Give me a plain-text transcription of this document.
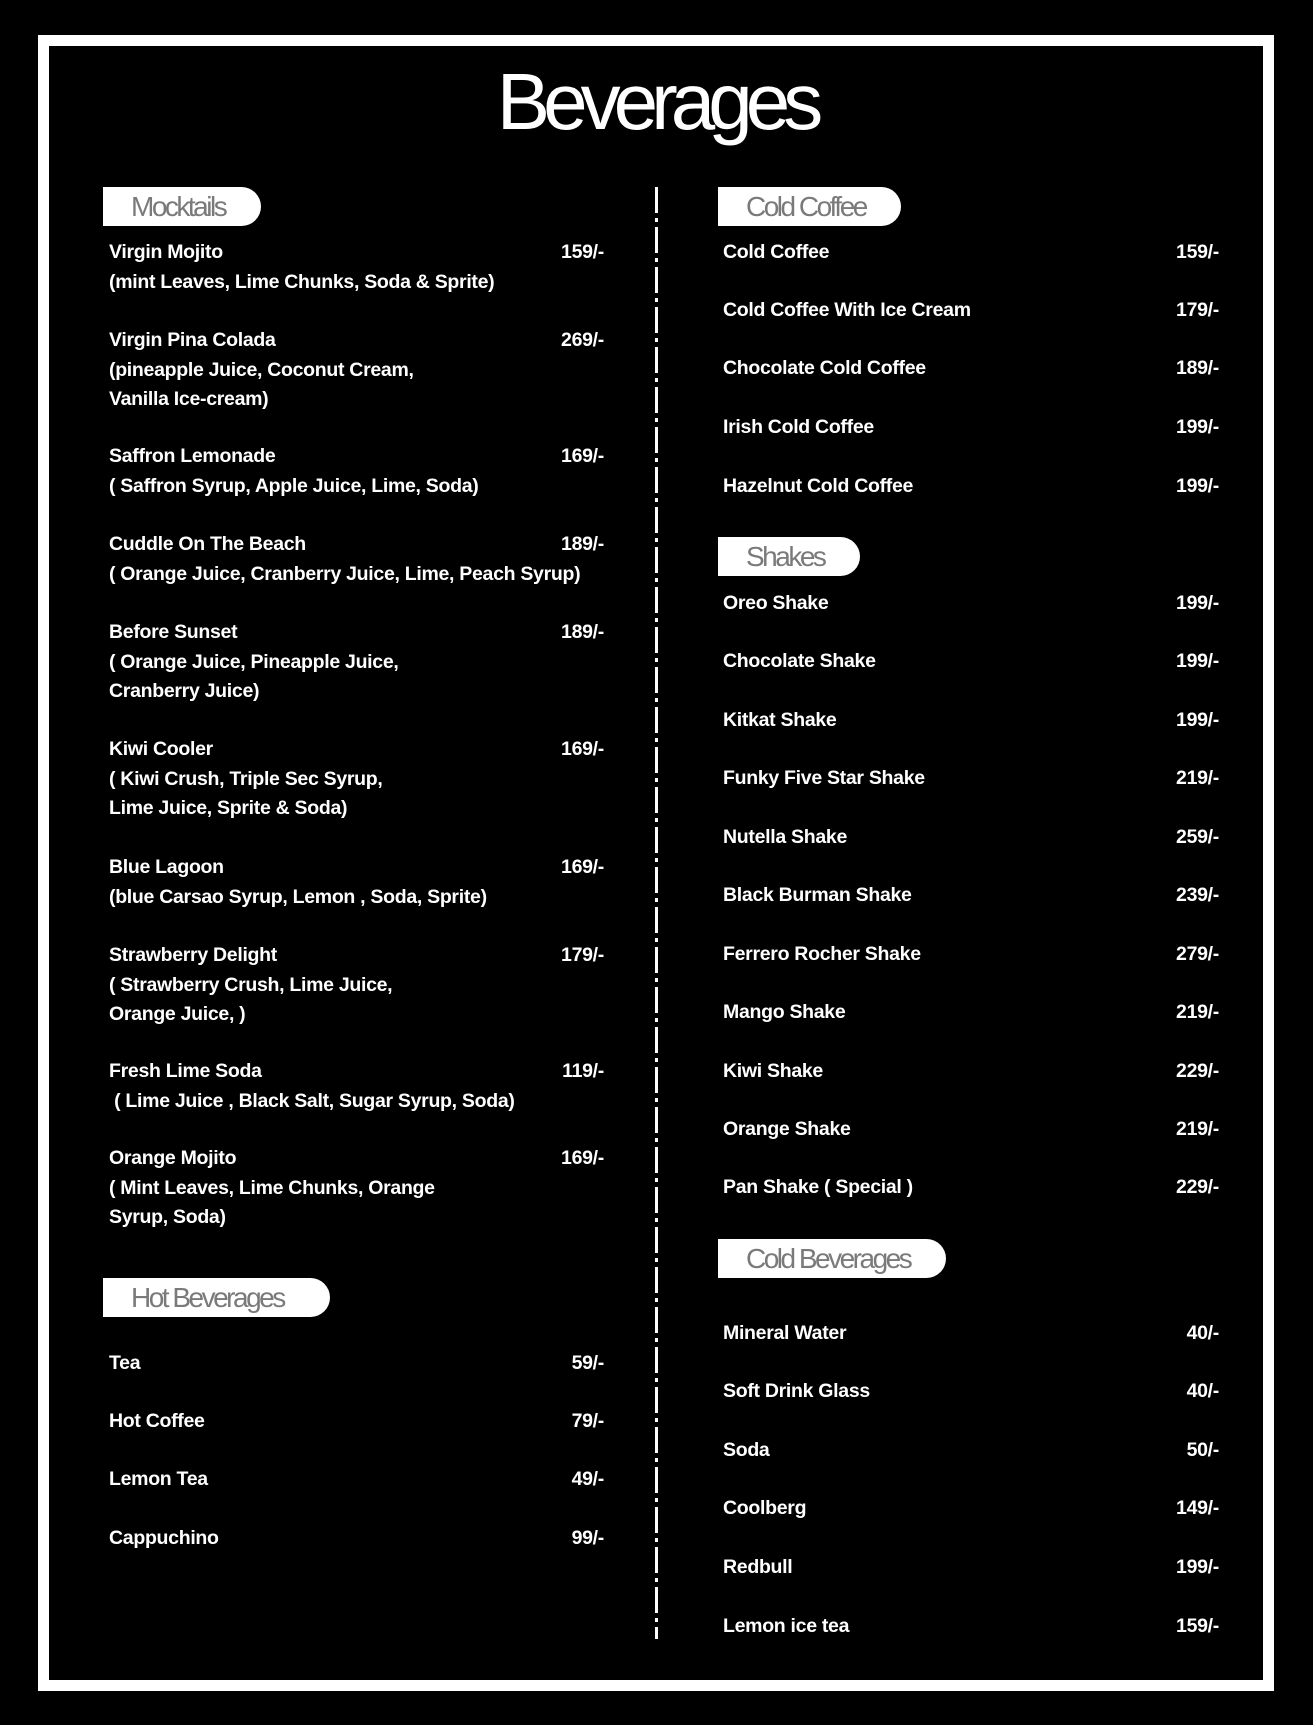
Beverages
Mocktails
Virgin Mojito	159/-
(mint Leaves, Lime Chunks, Soda & Sprite)
Virgin Pina Colada	269/-
(pineapple Juice, Coconut Cream,
Vanilla Ice-cream)
Saffron Lemonade	169/-
( Saffron Syrup, Apple Juice, Lime, Soda)
Cuddle On The Beach	189/-
( Orange Juice, Cranberry Juice, Lime, Peach Syrup)
Before Sunset	189/-
( Orange Juice, Pineapple Juice,
Cranberry Juice)
Kiwi Cooler	169/-
( Kiwi Crush, Triple Sec Syrup,
Lime Juice, Sprite & Soda)
Blue Lagoon	169/-
(blue Carsao Syrup, Lemon , Soda, Sprite)
Strawberry Delight	179/-
( Strawberry Crush, Lime Juice,
Orange Juice, )
Fresh Lime Soda	119/-
( Lime Juice , Black Salt, Sugar Syrup, Soda)
Orange Mojito	169/-
( Mint Leaves, Lime Chunks, Orange
Syrup, Soda)
Hot Beverages
Tea	59/-
Hot Coffee	79/-
Lemon Tea	49/-
Cappuchino	99/-
Cold Coffee
Cold Coffee	159/-
Cold Coffee With Ice Cream	179/-
Chocolate Cold Coffee	189/-
Irish Cold Coffee	199/-
Hazelnut Cold Coffee	199/-
Shakes
Oreo Shake	199/-
Chocolate Shake	199/-
Kitkat Shake	199/-
Funky Five Star Shake	219/-
Nutella Shake	259/-
Black Burman Shake	239/-
Ferrero Rocher Shake	279/-
Mango Shake	219/-
Kiwi Shake	229/-
Orange Shake	219/-
Pan Shake ( Special )	229/-
Cold Beverages
Mineral Water	40/-
Soft Drink Glass	40/-
Soda	50/-
Coolberg	149/-
Redbull	199/-
Lemon ice tea	159/-
